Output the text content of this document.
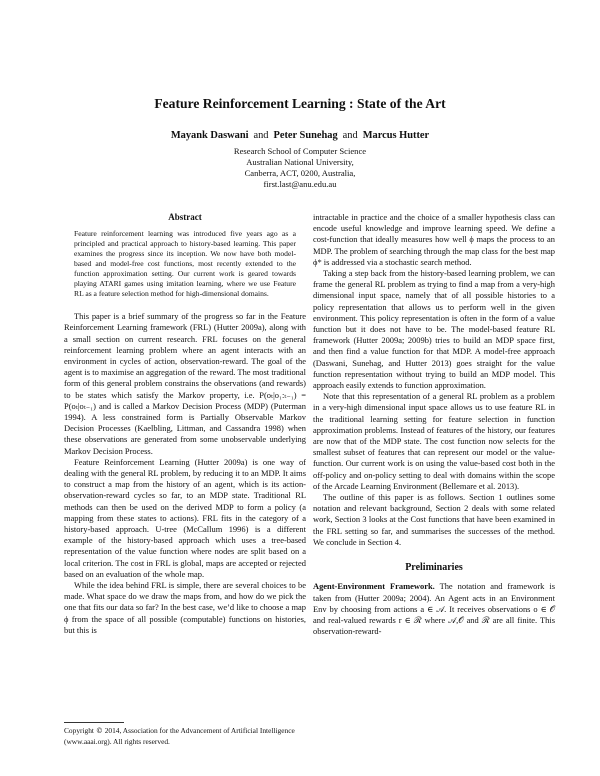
Feature Reinforcement Learning : State of the Art
Mayank Daswani and Peter Sunehag and Marcus Hutter
Research School of Computer Science
Australian National University,
Canberra, ACT, 0200, Australia,
first.last@anu.edu.au
Abstract
Feature reinforcement learning was introduced five years ago as a principled and practical approach to history-based learning. This paper examines the progress since its inception. We now have both model-based and model-free cost functions, most recently extended to the function approximation setting. Our current work is geared towards playing ATARI games using imitation learning, where we use Feature RL as a feature selection method for high-dimensional domains.

This paper is a brief summary of the progress so far in the Feature Reinforcement Learning framework (FRL) (Hutter 2009a), along with a small section on current research. FRL focuses on the general reinforcement learning problem where an agent interacts with an environment in cycles of action, observation-reward. The goal of the agent is to maximise an aggregation of the reward. The most traditional form of this general problem constrains the observations (and rewards) to be states which satisfy the Markov property, i.e. P(oₜ|o₁:ₜ₋₁) = P(oₜ|oₜ₋₁) and is called a Markov Decision Process (MDP) (Puterman 1994). A less constrained form is Partially Observable Markov Decision Processes (Kaelbling, Littman, and Cassandra 1998) when these observations are generated from some unobservable underlying Markov Decision Process.

Feature Reinforcement Learning (Hutter 2009a) is one way of dealing with the general RL problem, by reducing it to an MDP. It aims to construct a map from the history of an agent, which is its action-observation-reward cycles so far, to an MDP state. Traditional RL methods can then be used on the derived MDP to form a policy (a mapping from these states to actions). FRL fits in the category of a history-based approach. U-tree (McCallum 1996) is a different example of the history-based approach which uses a tree-based representation of the value function where nodes are split based on a local criterion. The cost in FRL is global, maps are accepted or rejected based on an evaluation of the whole map.

While the idea behind FRL is simple, there are several choices to be made. What space do we draw the maps from, and how do we pick the one that fits our data so far? In the best case, we’d like to choose a map ϕ from the space of all possible (computable) functions on histories, but this is

intractable in practice and the choice of a smaller hypothesis class can encode useful knowledge and improve learning speed. We define a cost-function that ideally measures how well ϕ maps the process to an MDP. The problem of searching through the map class for the best map ϕ* is addressed via a stochastic search method.

Taking a step back from the history-based learning problem, we can frame the general RL problem as trying to find a map from a very-high dimensional input space, namely that of all possible histories to a policy representation that allows us to perform well in the given environment. This policy representation is often in the form of a value function but it does not have to be. The model-based feature RL framework (Hutter 2009a; 2009b) tries to build an MDP space first, and then find a value function for that MDP. A model-free approach (Daswani, Sunehag, and Hutter 2013) goes straight for the value function representation without trying to build an MDP model. This approach easily extends to function approximation.

Note that this representation of a general RL problem as a problem in a very-high dimensional input space allows us to use feature RL in the traditional learning setting for feature selection in function approximation problems. Instead of features of the history, our features are now that of the MDP state. The cost function now selects for the smallest subset of features that can represent our model or the value-function. Our current work is on using the value-based cost both in the off-policy and on-policy setting to deal with domains within the scope of the Arcade Learning Environment (Bellemare et al. 2013).

The outline of this paper is as follows. Section 1 outlines some notation and relevant background, Section 2 deals with some related work, Section 3 looks at the Cost functions that have been examined in the FRL setting so far, and summarises the successes of the method. We conclude in Section 4.

Preliminaries

Agent-Environment Framework. The notation and framework is taken from (Hutter 2009a; 2004). An Agent acts in an Environment Env by choosing from actions a ∈ 𝒜. It receives observations o ∈ 𝒪 and real-valued rewards r ∈ ℛ where 𝒜,𝒪 and ℛ are all finite. This observation-reward-

Copyright © 2014, Association for the Advancement of Artificial Intelligence (www.aaai.org). All rights reserved.
